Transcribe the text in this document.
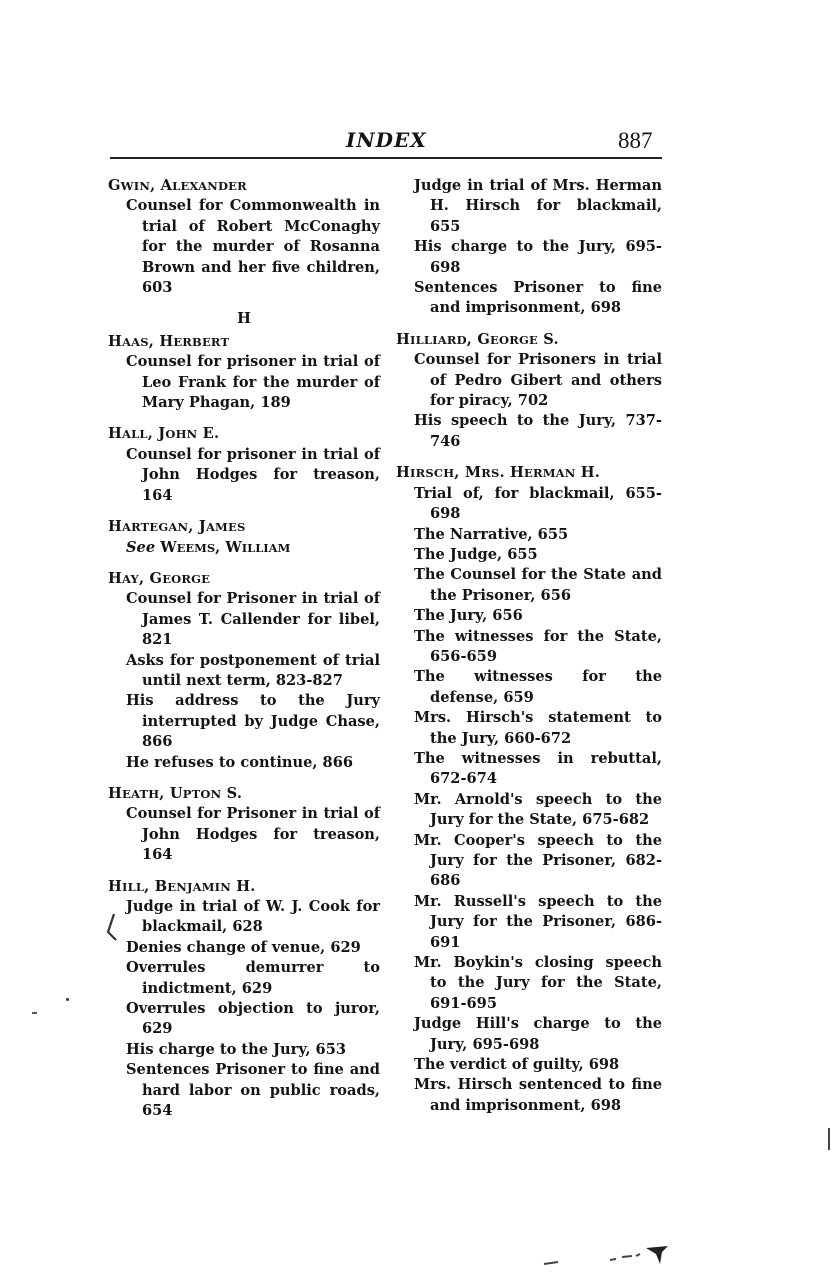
INDEX	887
GWIN, ALEXANDER
Counsel for Commonwealth in trial of Robert McConaghy for the murder of Rosanna Brown and her five children, 603
H
HAAS, HERBERT
Counsel for prisoner in trial of Leo Frank for the murder of Mary Phagan, 189
HALL, JOHN E.
Counsel for prisoner in trial of John Hodges for treason, 164
HARTEGAN, JAMES
See WEEMS, WILLIAM
HAY, GEORGE
Counsel for Prisoner in trial of James T. Callender for libel, 821
Asks for postponement of trial until next term, 823-827
His address to the Jury interrupted by Judge Chase, 866
He refuses to continue, 866
HEATH, UPTON S.
Counsel for Prisoner in trial of John Hodges for treason, 164
HILL, BENJAMIN H.
Judge in trial of W. J. Cook for blackmail, 628
Denies change of venue, 629
Overrules demurrer to indictment, 629
Overrules objection to juror, 629
His charge to the Jury, 653
Sentences Prisoner to fine and hard labor on public roads, 654
Judge in trial of Mrs. Herman H. Hirsch for blackmail, 655
His charge to the Jury, 695-698
Sentences Prisoner to fine and imprisonment, 698
HILLIARD, GEORGE S.
Counsel for Prisoners in trial of Pedro Gibert and others for piracy, 702
His speech to the Jury, 737-746
HIRSCH, MRS. HERMAN H.
Trial of, for blackmail, 655-698
The Narrative, 655
The Judge, 655
The Counsel for the State and the Prisoner, 656
The Jury, 656
The witnesses for the State, 656-659
The witnesses for the defense, 659
Mrs. Hirsch's statement to the Jury, 660-672
The witnesses in rebuttal, 672-674
Mr. Arnold's speech to the Jury for the State, 675-682
Mr. Cooper's speech to the Jury for the Prisoner, 682-686
Mr. Russell's speech to the Jury for the Prisoner, 686-691
Mr. Boykin's closing speech to the Jury for the State, 691-695
Judge Hill's charge to the Jury, 695-698
The verdict of guilty, 698
Mrs. Hirsch sentenced to fine and imprisonment, 698
